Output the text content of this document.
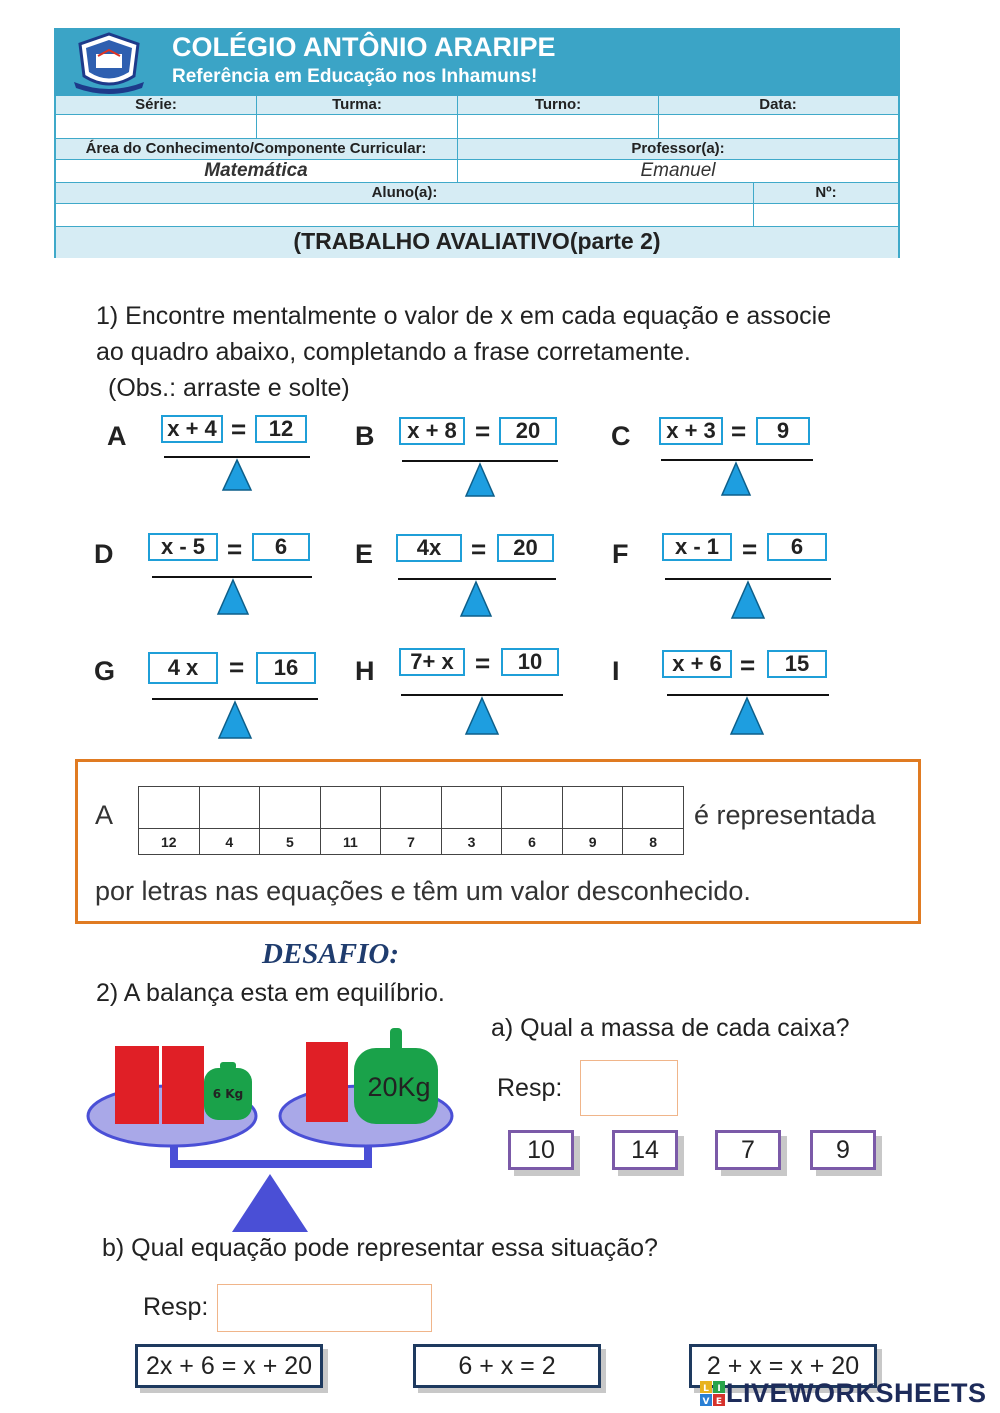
COLÉGIO ANTÔNIO ARARIPE
Referência em Educação nos Inhamuns!
Série:	Turma:	Turno:	Data:
Área do Conhecimento/Componente Curricular:	Professor(a):
Matemática	Emanuel
Aluno(a):	Nº:
(TRABALHO AVALIATIVO(parte 2)
1) Encontre mentalmente o valor de x em cada equação e associe
ao quadro abaixo, completando a frase corretamente.
(Obs.: arraste e solte)
A x + 4 =	12	B	x + 8 =	20	C	x + 3 =	9
D	x - 5 =	6	E	4x	=	20	F	x - 1 =	6
G	4 x	=	16	H	7+ x =	10	I	x + 6 =	15
A

12	4	5	11	7	3	6	9	8
é representada
por letras nas equações e têm um valor desconhecido.
DESAFIO:
2) A balança esta em equilíbrio.
6 Kg	20Kg
a) Qual a massa de cada caixa?
Resp:
10	14	7	9
b) Qual equação pode representar essa situação?
Resp:
2x + 6 = x + 20	6 + x = 2	2 + x = x + 20
L I
V E LIVEWORKSHEETS
